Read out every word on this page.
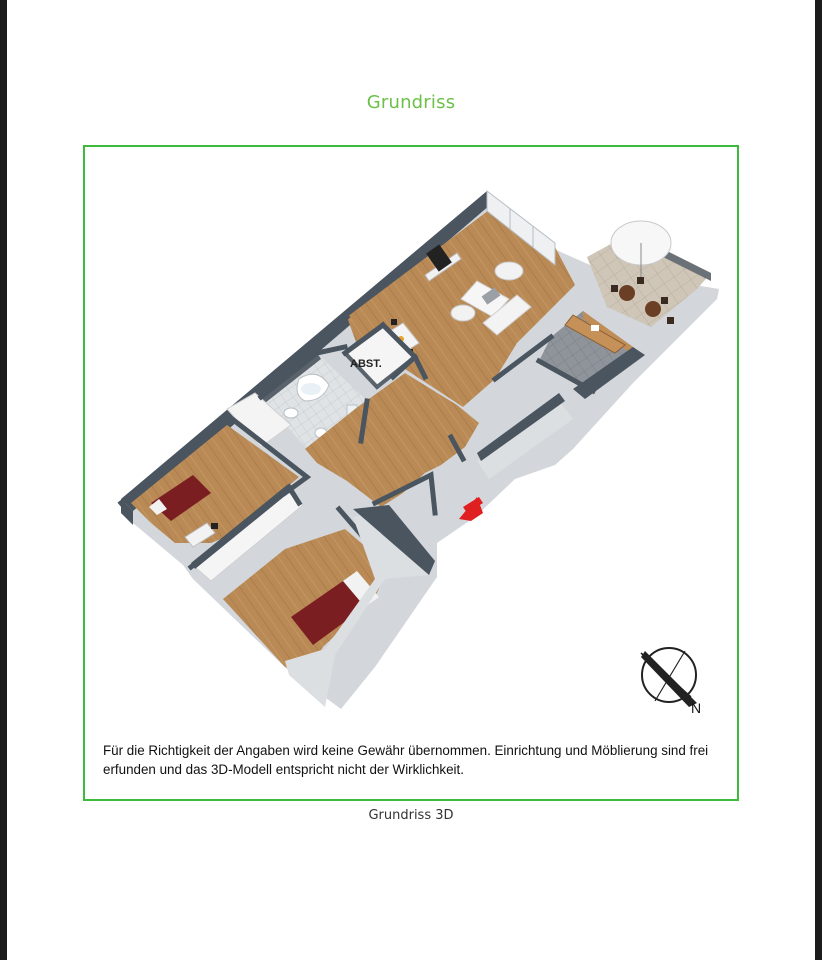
Grundriss
ABST.
N
Für die Richtigkeit der Angaben wird keine Gewähr übernommen. Einrichtung und Möblierung sind frei erfunden und das 3D-Modell entspricht nicht der Wirklichkeit.
Grundriss 3D
